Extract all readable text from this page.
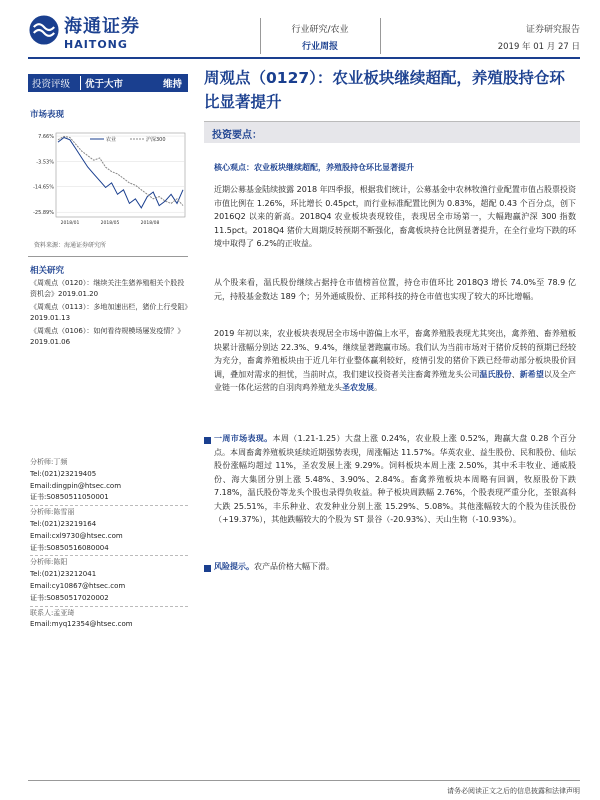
海通证券
HAITONG
行业研究/农业
行业周报
证券研究报告
2019 年 01 月 27 日
投资评级	优于大市	维持
市场表现
7.66%
-3.53%
-14.65%
-25.89%
2018/01	2018/05	2018/08
农业	沪深300
资料来源：海通证券研究所
相关研究

《周观点（0120）：继续关注生猪养殖相关个股投资机会》2019.01.20

《周观点（0113）：多地加速出栏，猪价上行受阻》2019.01.13

《周观点（0106）：如何看待规模场屡发疫情？》2019.01.06

分析师:丁频
Tel:(021)23219405
Email:dingpin@htsec.com
证书:S0850511050001
分析师:陈雪丽
Tel:(021)23219164
Email:cxl9730@htsec.com
证书:S0850516080004
分析师:陈阳
Tel:(021)23212041
Email:cy10867@htsec.com
证书:S0850517020002
联系人:孟亚琦
Email:myq12354@htsec.com
周观点（0127）：农业板块继续超配，养殖股持仓环比显著提升
投资要点：
核心观点：农业板块继续超配，养殖股持仓环比显著提升
近期公募基金陆续披露 2018 年四季报，根据我们统计，公募基金中农林牧渔行业配置市值占股票投资市值比例在 1.26%，环比增长 0.45pct，而行业标准配置比例为 0.83%，超配 0.43 个百分点，创下 2016Q2 以来的新高。2018Q4 农业板块表现较佳，表现居全市场第一，大幅跑赢沪深 300 指数 11.5pct。2018Q4 猪价大周期反转预期不断强化，畜禽板块持仓比例显著提升，在全行业均下跌的环境中取得了 6.2%的正收益。
从个股来看，温氏股份继续占据持仓市值榜首位置，持仓市值环比 2018Q3 增长 74.0%至 78.9 亿元，持股基金数达 189 个；另外通威股份、正邦科技的持仓市值也实现了较大的环比增幅。
2019 年初以来，农业板块表现居全市场中游偏上水平，畜禽养殖股表现尤其突出，禽养殖、畜养殖板块累计涨幅分别达 22.3%、9.4%，继续显著跑赢市场。我们认为当前市场对于猪价反转的预期已经较为充分，畜禽养殖板块由于近几年行业整体赢利较好，疫情引发的猪价下跌已经带动部分板块股价回调，叠加对需求的担忧，当前时点，我们建议投资者关注畜禽养殖龙头公司温氏股份、新希望以及全产业链一体化运营的自羽肉鸡养殖龙头圣农发展。
一周市场表现。本周（1.21-1.25）大盘上涨 0.24%，农业股上涨 0.52%，跑赢大盘 0.28 个百分点。本周畜禽养殖板块延续近期强势表现，周涨幅达 11.57%。华英农业、益生股份、民和股份、仙坛股份涨幅均超过 11%，圣农发展上涨 9.29%。饲料板块本周上涨 2.50%，其中禾丰牧业、通威股份、海大集团分别上涨 5.48%、3.90%、2.84%。畜禽养殖板块本周略有回调，牧原股份下跌 7.18%，温氏股份等龙头个股也录得负收益。种子板块周跌幅 2.76%，个股表现严重分化，荃银高科大跌 25.51%，丰乐种业、农发种业分别上涨 15.29%、5.08%。其他涨幅较大的个股为佳沃股份（+19.37%），其他跌幅较大的个股为 ST 景谷（-20.93%）、天山生物（-10.93%）。
风险提示。农产品价格大幅下滑。
请务必阅读正文之后的信息披露和法律声明
